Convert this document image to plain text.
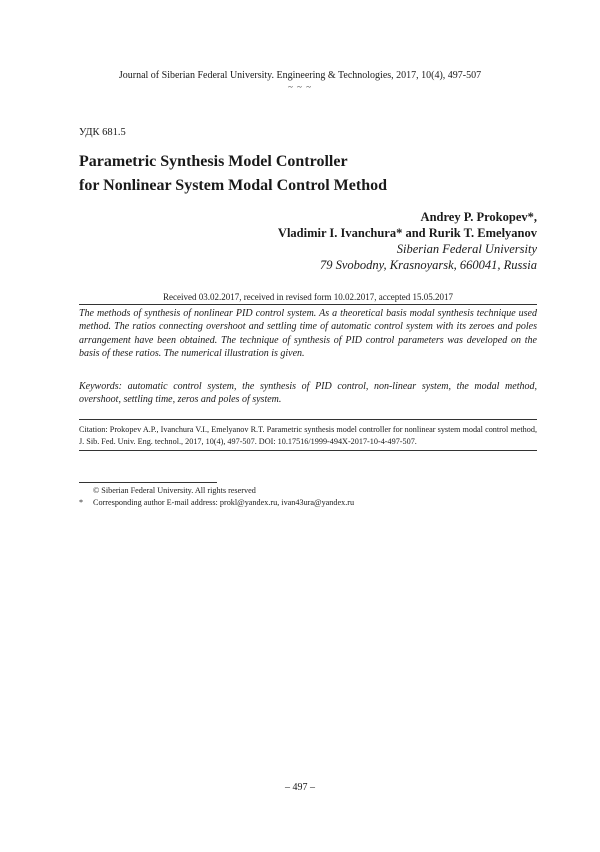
Journal of Siberian Federal University. Engineering & Technologies, 2017, 10(4), 497-507
~ ~ ~
УДК 681.5
Parametric Synthesis Model Controller
for Nonlinear System Modal Control Method
Andrey P. Prokopev*,
Vladimir I. Ivanchura* and Rurik T. Emelyanov
Siberian Federal University
79 Svobodny, Krasnoyarsk, 660041, Russia
Received 03.02.2017, received in revised form 10.02.2017, accepted 15.05.2017
The methods of synthesis of nonlinear PID control system. As a theoretical basis modal synthesis technique used method. The ratios connecting overshoot and settling time of automatic control system with its zeroes and poles arrangement have been obtained. The technique of synthesis of PID control parameters was developed on the basis of these ratios. The numerical illustration is given.
Keywords: automatic control system, the synthesis of PID control, non-linear system, the modal method, overshoot, settling time, zeros and poles of system.
Citation: Prokopev A.P., Ivanchura V.I., Emelyanov R.T. Parametric synthesis model controller for nonlinear system modal control method, J. Sib. Fed. Univ. Eng. technol., 2017, 10(4), 497-507. DOI: 10.17516/1999-494X-2017-10-4-497-507.
© Siberian Federal University. All rights reserved
*	Corresponding author E-mail address: prokl@yandex.ru, ivan43ura@yandex.ru
– 497 –
